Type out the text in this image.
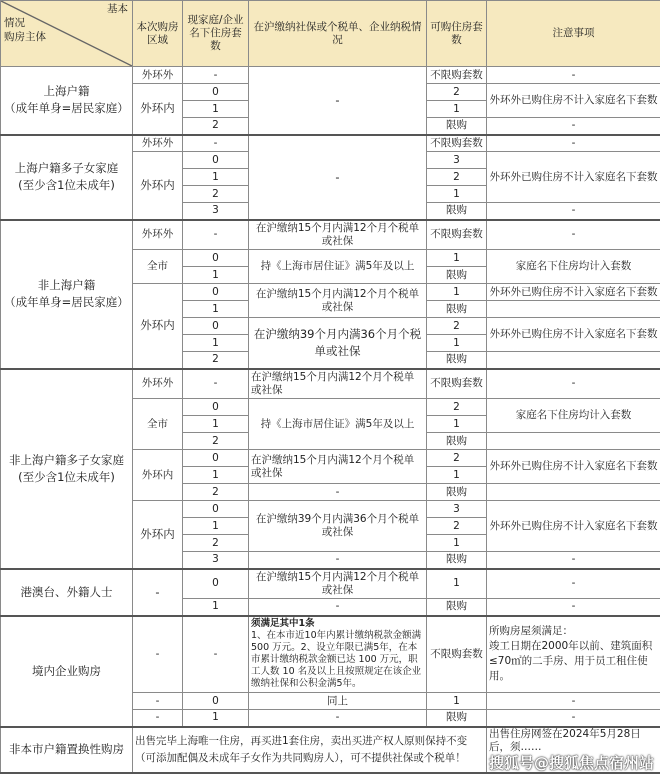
基本

情况

购房主体	本次购房区域	现家庭/企业名下住房套数	在沪缴纳社保或个税单、企业纳税情况	可购住房套数	注意事项
上海户籍
（成年单身=居民家庭）	外环外	-	-	不限购套数	-
	外环内	0		2	外环外已购住房不计入家庭名下套数
		1		1	
		2		限购	-
上海户籍多子女家庭
(至少含1位未成年)	外环外	-	-	不限购套数	-
	外环内	0		3	外环外已购住房不计入家庭名下套数
		1		2	
		2		1	
		3		限购	-
非上海户籍
（成年单身=居民家庭）	外环外	-	在沪缴纳15个月内满12个月个税单或社保	不限购套数	-
	全市	0	持《上海市居住证》满5年及以上	1	家庭名下住房均计入套数
		1		限购	
	外环内	0	在沪缴纳15个月内满12个月个税单或社保	1	外环外已购住房不计入家庭名下套数
		1		限购	
		0	在沪缴纳39个月内满36个月个税单或社保	2	外环外已购住房不计入家庭名下套数
		1		1	
		2		限购	
非上海户籍多子女家庭
(至少含1位未成年)	外环外	-	在沪缴纳15个月内满12个月个税单或社保	不限购套数	-
	全市	0	持《上海市居住证》满5年及以上	2	家庭名下住房均计入套数
		1		1	
		2		限购	
	外环内	0	在沪缴纳15个月内满12个月个税单或社保	2	外环外已购住房不计入家庭名下套数
		1		1	
		2	-	限购	
	外环内	0	在沪缴纳39个月内满36个月个税单或社保	3	外环外已购住房不计入家庭名下套数
		1		2	
		2		1	
		3	-	限购	-
港澳台、外籍人士	-	0	在沪缴纳15个月内满12个月个税单或社保	1	-
		1	-	限购	-
境内企业购房	-	-	须满足其中1条
1、在本市近10年内累计缴纳税款金额满 500 万元。2、设立年限已满5年，在本市累计缴纳税款金额已达 100 万元，职工人数 10 名及以上且按照规定在该企业缴纳社保和公积金满5年。	不限购套数	所购房屋须满足：
竣工日期在2000年以前、建筑面积≤70㎡的二手房、用于员工租住使用。
	-	0	同上	1	-
	-	1	-	限购	-
非本市户籍置换性购房	出售完毕上海唯一住房，再买进1套住房，卖出买进产权人原则保持不变（可添加配偶及未成年子女作为共同购房人），可不提供社保或个税单！				出售住房网签在2024年5月28日后，须……
搜狐号@搜狐焦点宿州站
